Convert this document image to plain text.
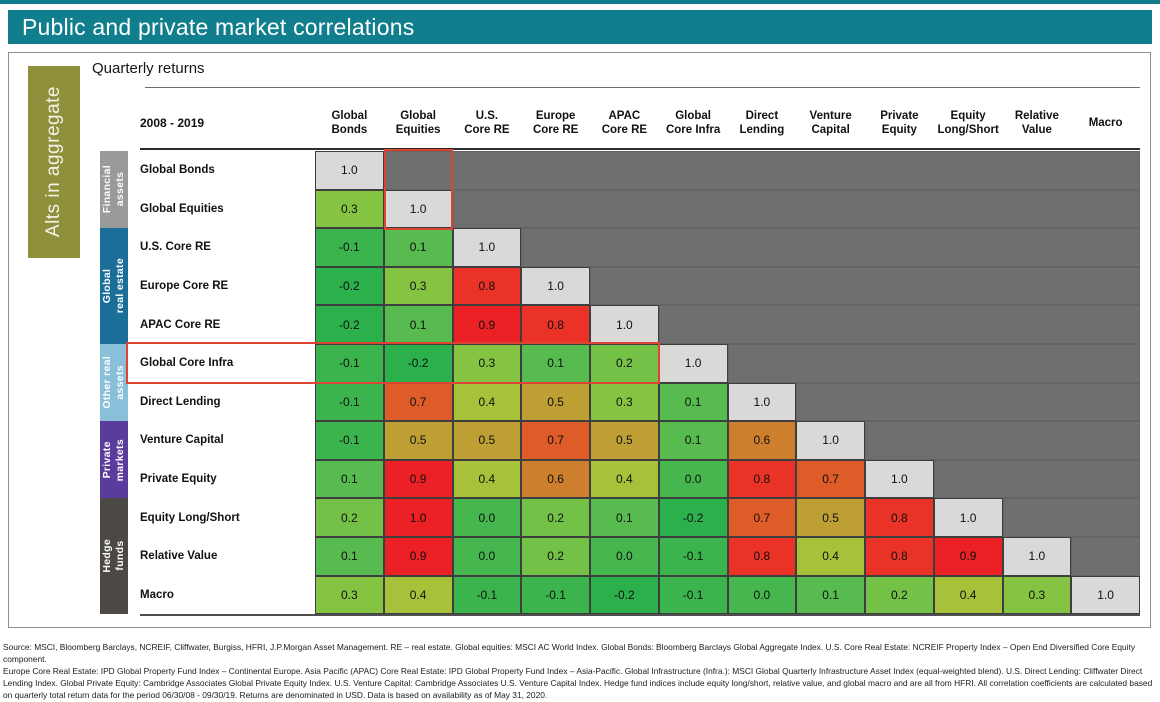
Public and private market correlations
Alts in aggregate
Quarterly returns
2008 - 2019
Global
Bonds
Global
Equities
U.S.
Core RE
Europe
Core RE
APAC
Core RE
Global
Core Infra
Direct
Lending
Venture
Capital
Private
Equity
Equity
Long/Short
Relative
Value
Macro
Financial
assets
Global
real estate
Other real
assets
Private
markets
Hedge
funds
Global Bonds	1.0
Global Equities	0.3	1.0
U.S. Core RE	-0.1	0.1	1.0
Europe Core RE	-0.2	0.3	0.8	1.0
APAC Core RE	-0.2	0.1	0.9	0.8	1.0
Global Core Infra	-0.1	-0.2	0.3	0.1	0.2	1.0
Direct Lending	-0.1	0.7	0.4	0.5	0.3	0.1	1.0
Venture Capital	-0.1	0.5	0.5	0.7	0.5	0.1	0.6	1.0
Private Equity	0.1	0.9	0.4	0.6	0.4	0.0	0.8	0.7	1.0
Equity Long/Short	0.2	1.0	0.0	0.2	0.1	-0.2	0.7	0.5	0.8	1.0
Relative Value	0.1	0.9	0.0	0.2	0.0	-0.1	0.8	0.4	0.8	0.9	1.0
Macro	0.3	0.4	-0.1	-0.1	-0.2	-0.1	0.0	0.1	0.2	0.4	0.3	1.0
Source: MSCI, Bloomberg Barclays, NCREIF, Cliffwater, Burgiss, HFRI, J.P.Morgan Asset Management. RE – real estate. Global equities: MSCI AC World Index. Global Bonds: Bloomberg Barclays Global Aggregate Index. U.S. Core Real Estate: NCREIF Property Index – Open End Diversified Core Equity component.
Europe Core Real Estate: IPD Global Property Fund Index – Continental Europe. Asia Pacific (APAC) Core Real Estate: IPD Global Property Fund Index – Asia-Pacific. Global Infrastructure (Infra.): MSCI Global Quarterly Infrastructure Asset Index (equal-weighted blend). U.S. Direct Lending: Cliffwater Direct
Lending Index. Global Private Equity: Cambridge Associates Global Private Equity Index. U.S. Venture Capital: Cambridge Associates U.S. Venture Capital Index. Hedge fund indices include equity long/short, relative value, and global macro and are all from HFRI. All correlation coefficients are calculated based
on quarterly total return data for the period 06/30/08 - 09/30/19. Returns are denominated in USD. Data is based on availability as of May 31, 2020.
